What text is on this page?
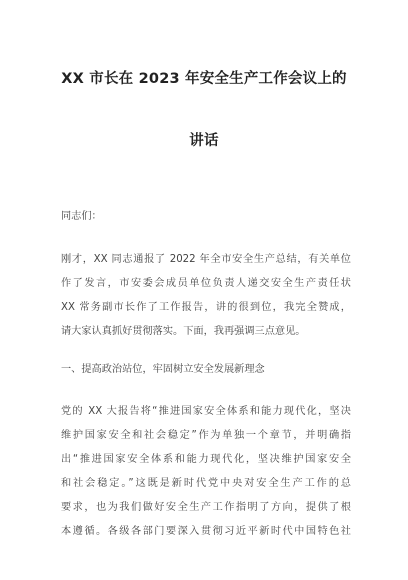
XX 市长在 2023 年安全生产工作会议上的
讲话
同志们：
刚才，XX 同志通报了 2022 年全市安全生产总结，有关单位
作了发言，市安委会成员单位负责人递交安全生产责任状
XX 常务副市长作了工作报告，讲的很到位，我完全赞成，
请大家认真抓好贯彻落实。下面，我再强调三点意见。
一、提高政治站位，牢固树立安全发展新理念
党的 XX 大报告将“推进国家安全体系和能力现代化，坚决
维护国家安全和社会稳定”作为单独一个章节，并明确指
出“推进国家安全体系和能力现代化，坚决维护国家安全
和社会稳定。”这既是新时代党中央对安全生产工作的总
要求，也为我们做好安全生产工作指明了方向，提供了根
本遵循。各级各部门要深入贯彻习近平新时代中国特色社
